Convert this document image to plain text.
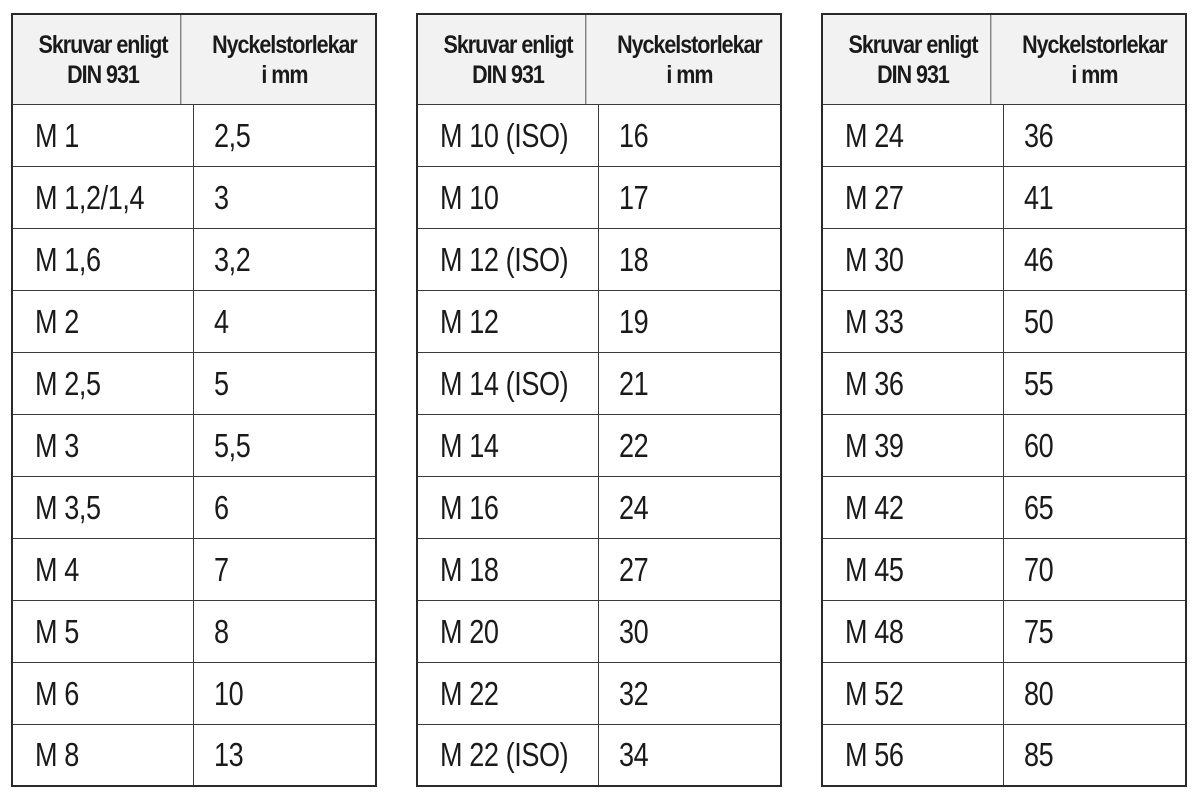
Skruvar enligt
DIN 931
Nyckelstorlekar
i mm
M 1	2,5
M 1,2/1,4 3
M 1,6	3,2
M 2	4
M 2,5	5
M 3	5,5
M 3,5	6
M 4	7
M 5	8
M 6	10
M 8	13
Skruvar enligt
DIN 931
Nyckelstorlekar
i mm
M 10 (ISO) 16
M 10	17
M 12 (ISO) 18
M 12	19
M 14 (ISO) 21
M 14	22
M 16	24
M 18	27
M 20	30
M 22	32
M 22 (ISO) 34
Skruvar enligt
DIN 931
Nyckelstorlekar
i mm
M 24	36
M 27	41
M 30	46
M 33	50
M 36	55
M 39	60
M 42	65
M 45	70
M 48	75
M 52	80
M 56	85
